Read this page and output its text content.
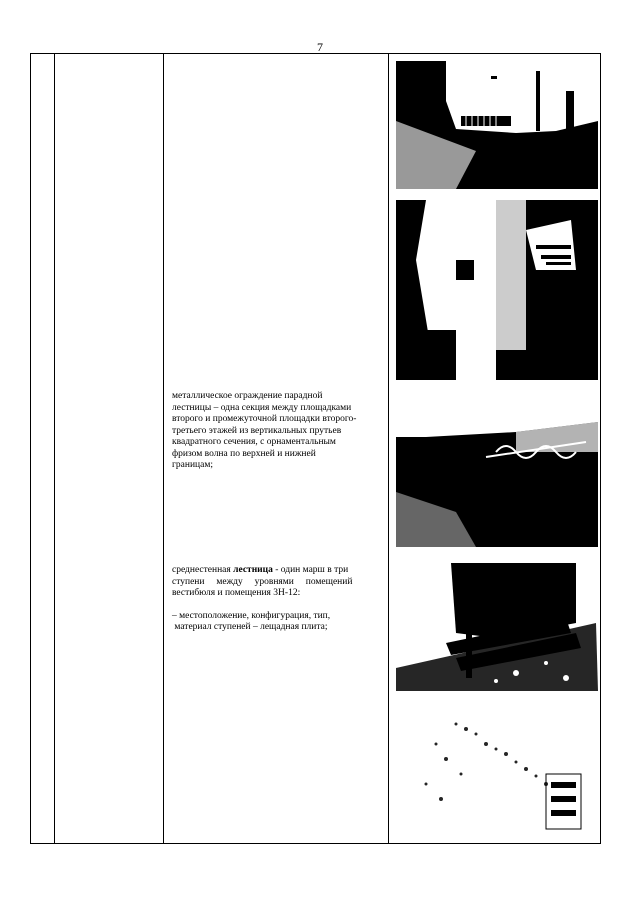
7
металлическое ограждение парадной
лестницы – одна секция между площадками
второго и промежуточной площадки второго-
третьего этажей из вертикальных прутьев
квадратного сечения, с орнаментальным
фризом волна по верхней и нижней
границам;
среднестенная лестница - один марш в три
ступени     между     уровнями     помещений
вестибюля и помещения 3Н-12:
– местоположение, конфигурация, тип,
материал ступеней – лещадная плита;
